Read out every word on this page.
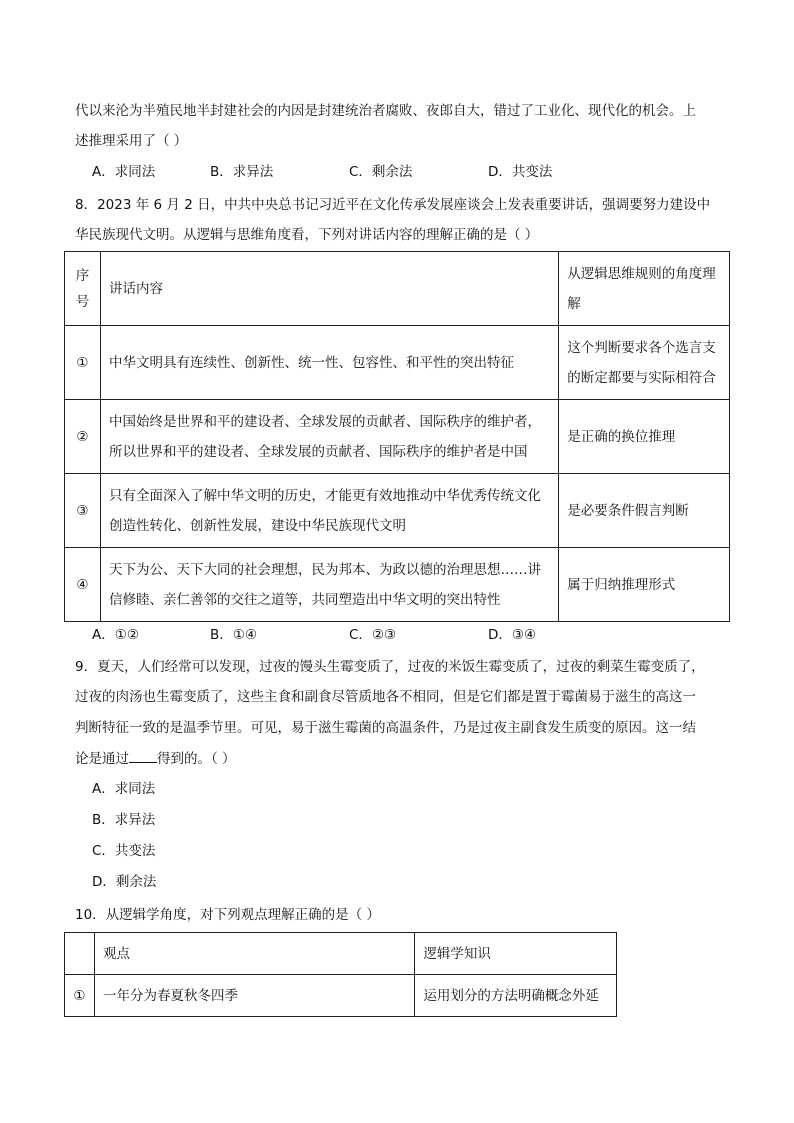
代以来沦为半殖民地半封建社会的内因是封建统治者腐败、夜郎自大，错过了工业化、现代化的机会。上
述推理采用了（ ）
A．求同法	B．求异法	C．剩余法	D．共变法
8．2023 年 6 月 2 日，中共中央总书记习近平在文化传承发展座谈会上发表重要讲话，强调要努力建设中
华民族现代文明。从逻辑与思维角度看，下列对讲话内容的理解正确的是（ ）
序号	讲话内容	从逻辑思维规则的角度理解
①	中华文明具有连续性、创新性、统一性、包容性、和平性的突出特征	这个判断要求各个选言支的断定都要与实际相符合
②	中国始终是世界和平的建设者、全球发展的贡献者、国际秩序的维护者，所以世界和平的建设者、全球发展的贡献者、国际秩序的维护者是中国	是正确的换位推理
③	只有全面深入了解中华文明的历史，才能更有效地推动中华优秀传统文化创造性转化、创新性发展，建设中华民族现代文明	是必要条件假言判断
④	天下为公、天下大同的社会理想，民为邦本、为政以德的治理思想……讲信修睦、亲仁善邻的交往之道等，共同塑造出中华文明的突出特性	属于归纳推理形式
A．①②	B．①④	C．②③	D．③④
9．夏天，人们经常可以发现，过夜的馒头生霉变质了，过夜的米饭生霉变质了，过夜的剩菜生霉变质了，
过夜的肉汤也生霉变质了，这些主食和副食尽管质地各不相同，但是它们都是置于霉菌易于滋生的高这一
判断特征一致的是温季节里。可见，易于滋生霉菌的高温条件，乃是过夜主副食发生质变的原因。这一结
论是通过 得到的。（ ）
A．求同法
B．求异法
C．共变法
D．剩余法
10．从逻辑学角度，对下列观点理解正确的是（ ）
	观点	逻辑学知识
①	一年分为春夏秋冬四季	运用划分的方法明确概念外延
